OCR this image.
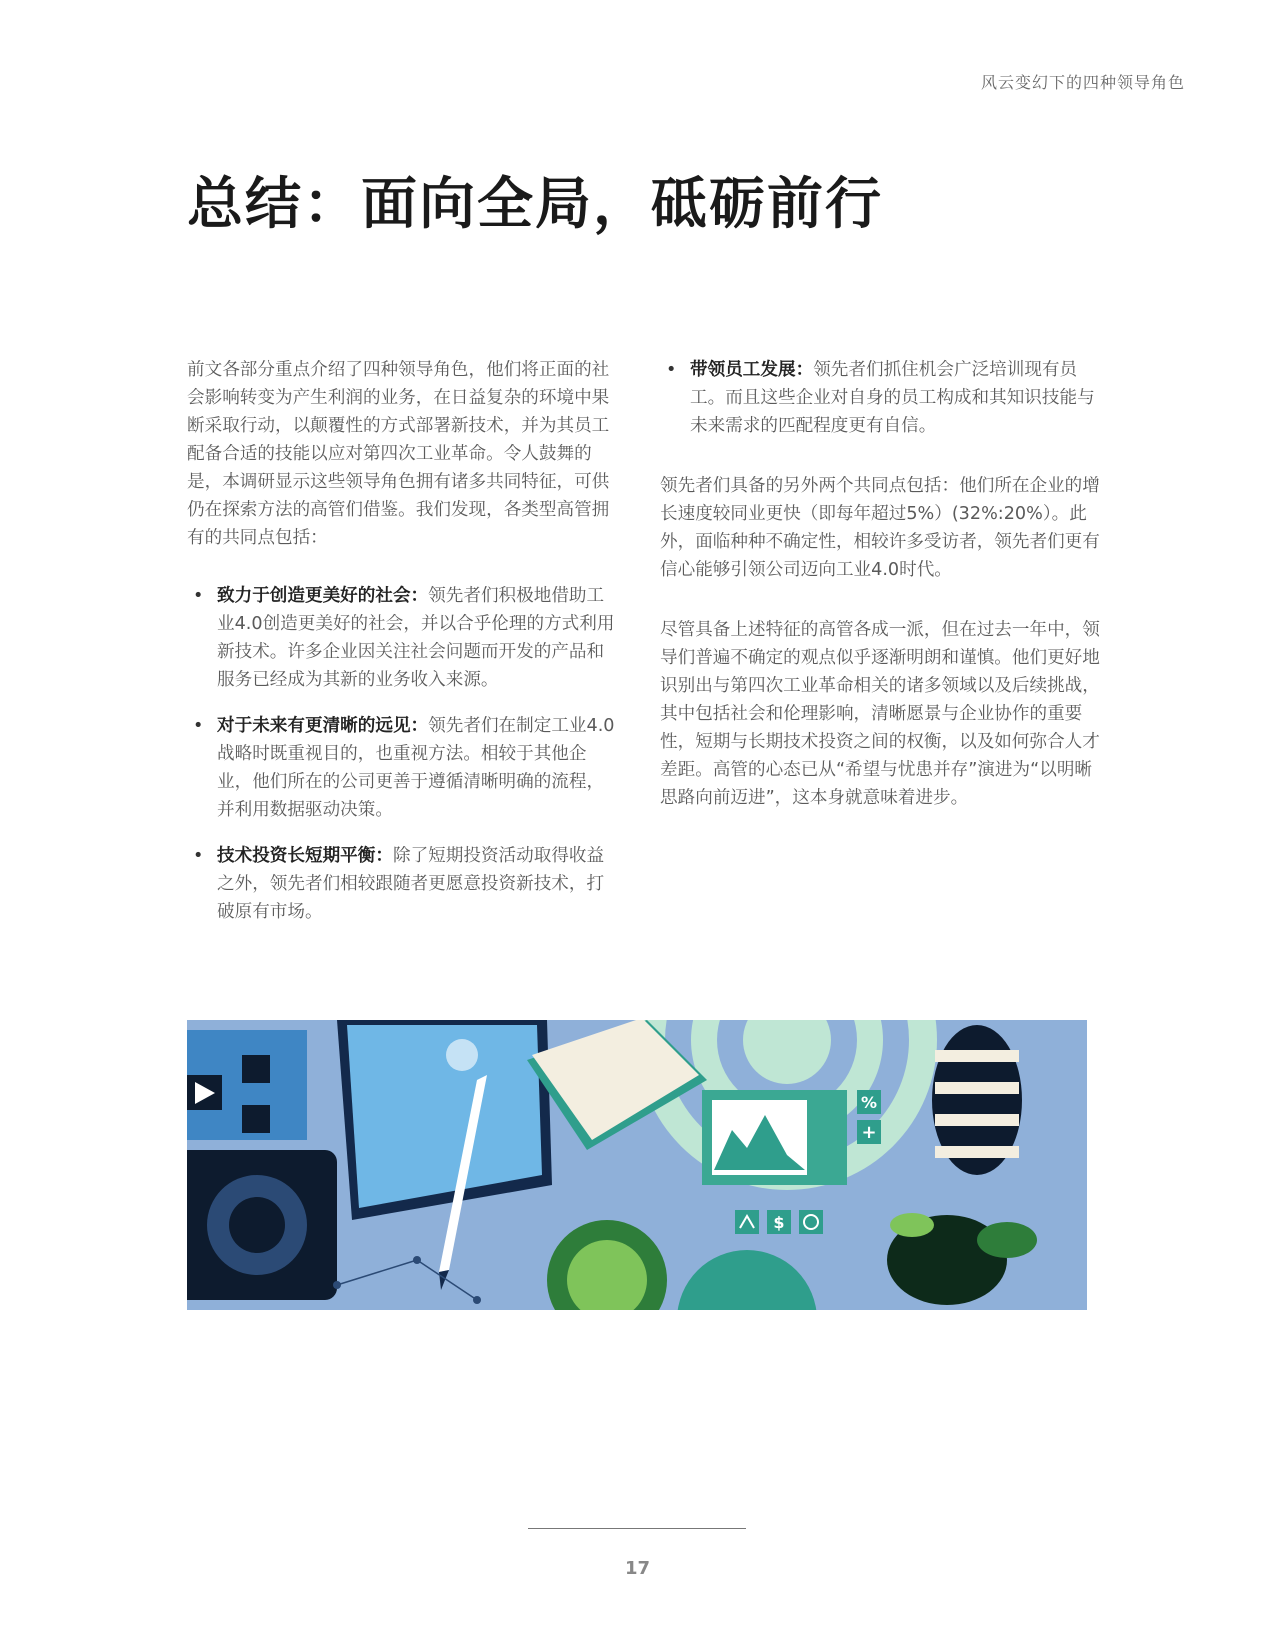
风云变幻下的四种领导角色
总结：面向全局，砥砺前行

前文各部分重点介绍了四种领导角色，他们将正面的社会影响转变为产生利润的业务，在日益复杂的环境中果断采取行动，以颠覆性的方式部署新技术，并为其员工配备合适的技能以应对第四次工业革命。令人鼓舞的是，本调研显示这些领导角色拥有诸多共同特征，可供仍在探索方法的高管们借鉴。我们发现，各类型高管拥有的共同点包括：

• 致力于创造更美好的社会：领先者们积极地借助工业4.0创造更美好的社会，并以合乎伦理的方式利用新技术。许多企业因关注社会问题而开发的产品和服务已经成为其新的业务收入来源。
• 对于未来有更清晰的远见：领先者们在制定工业4.0战略时既重视目的，也重视方法。相较于其他企业，他们所在的公司更善于遵循清晰明确的流程，并利用数据驱动决策。
• 技术投资长短期平衡：除了短期投资活动取得收益之外，领先者们相较跟随者更愿意投资新技术，打破原有市场。
• 带领员工发展：领先者们抓住机会广泛培训现有员工。而且这些企业对自身的员工构成和其知识技能与未来需求的匹配程度更有自信。

领先者们具备的另外两个共同点包括：他们所在企业的增长速度较同业更快（即每年超过5%）(32%:20%）。此外，面临种种不确定性，相较许多受访者，领先者们更有信心能够引领公司迈向工业4.0时代。

尽管具备上述特征的高管各成一派，但在过去一年中，领导们普遍不确定的观点似乎逐渐明朗和谨慎。他们更好地识别出与第四次工业革命相关的诸多领域以及后续挑战，其中包括社会和伦理影响，清晰愿景与企业协作的重要性，短期与长期技术投资之间的权衡，以及如何弥合人才差距。高管的心态已从“希望与忧患并存”演进为“以明晰思路向前迈进”，这本身就意味着进步。

%
+
$
17
